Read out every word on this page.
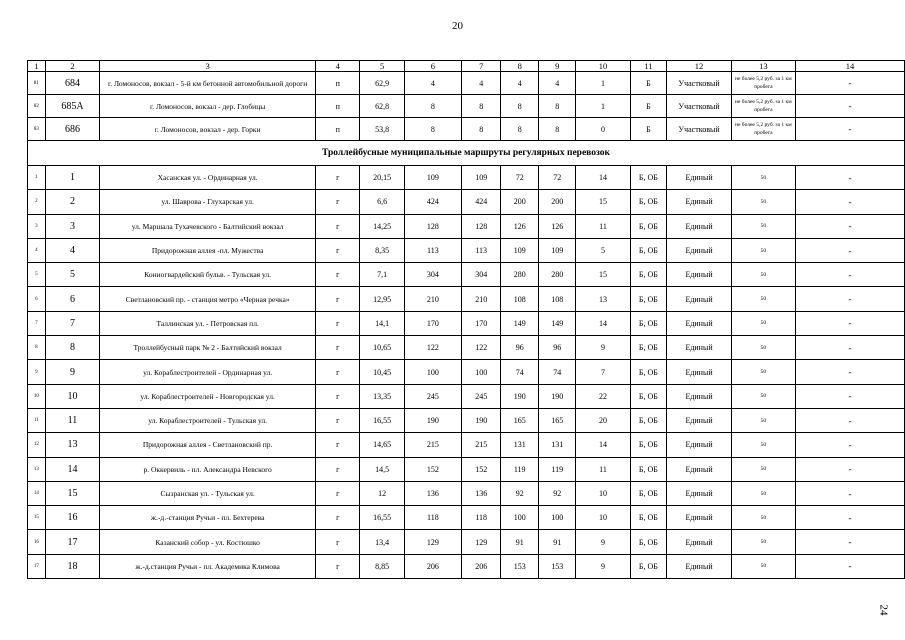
20
1	2	3	4	5	6	7	8	9	10	11	12	13	14
81	684	г. Ломоносов, вокзал - 5-й км бетонной автомобильной дороги	п	62,9	4	4	4	4	1	Б	Участковый	не более 5,2 руб. за 1 км пробега	-
82	685А	г. Ломоносов, вокзал - дер. Глобицы	п	62,8	8	8	8	8	1	Б	Участковый	не более 5,2 руб. за 1 км пробега	-
83	686	г. Ломоносов, вокзал - дер. Горки	п	53,8	8	8	8	8	0	Б	Участковый	не более 5,2 руб. за 1 км пробега	-
Троллейбусные муниципальные маршруты регулярных перевозок													
1	1	Хасанская ул. - Ординарная ул.	г	20,15	109	109	72	72	14	Б, ОБ	Единый	50	-
2	2	ул. Шаврова - Глухарская ул.	г	6,6	424	424	200	200	15	Б, ОБ	Единый	50	-
3	3	ул. Маршала Тухачевского - Балтийский вокзал	г	14,25	128	128	126	126	11	Б, ОБ	Единый	50	-
4	4	Придорожная аллея -пл. Мужества	г	8,35	113	113	109	109	5	Б, ОБ	Единый	50	-
5	5	Кониогвардейский бульв. - Тульская ул.	г	7,1	304	304	280	280	15	Б, ОБ	Единый	50	-
6	6	Светлановский пр. - станция метро «Черная речка»	г	12,95	210	210	108	108	13	Б, ОБ	Единый	50	-
7	7	Таллинская ул. - Петровская пл.	г	14,1	170	170	149	149	14	Б, ОБ	Единый	50	-
8	8	Троллейбусный парк № 2 - Балтийский вокзал	г	10,65	122	122	96	96	9	Б, ОБ	Единый	50	-
9	9	ул. Кораблестроителей - Ординарная ул.	г	10,45	100	100	74	74	7	Б, ОБ	Единый	50	-
10	10	ул. Кораблестроителей - Новгородская ул.	г	13,35	245	245	190	190	22	Б, ОБ	Единый	50	-
11	11	ул. Кораблестроителей - Тульская ул.	г	16,55	190	190	165	165	20	Б, ОБ	Единый	50	-
12	13	Придорожная аллея - Светлановский пр.	г	14,65	215	215	131	131	14	Б, ОБ	Единый	50	-
13	14	р. Оккервиль - пл. Александра Невского	г	14,5	152	152	119	119	11	Б, ОБ	Единый	50	-
14	15	Сызранская ул. - Тульская ул.	г	12	136	136	92	92	10	Б, ОБ	Единый	50	-
15	16	ж.-д.-станция Ручьи - пл. Бехтерева	г	16,55	118	118	100	100	10	Б, ОБ	Единый	50	-
16	17	Казанский собор - ул. Костюшко	г	13,4	129	129	91	91	9	Б, ОБ	Единый	50	-
17	18	ж.-д.станция Ручьи - пл. Академика Климова	г	8,85	206	206	153	153	9	Б, ОБ	Единый	50	-
24
